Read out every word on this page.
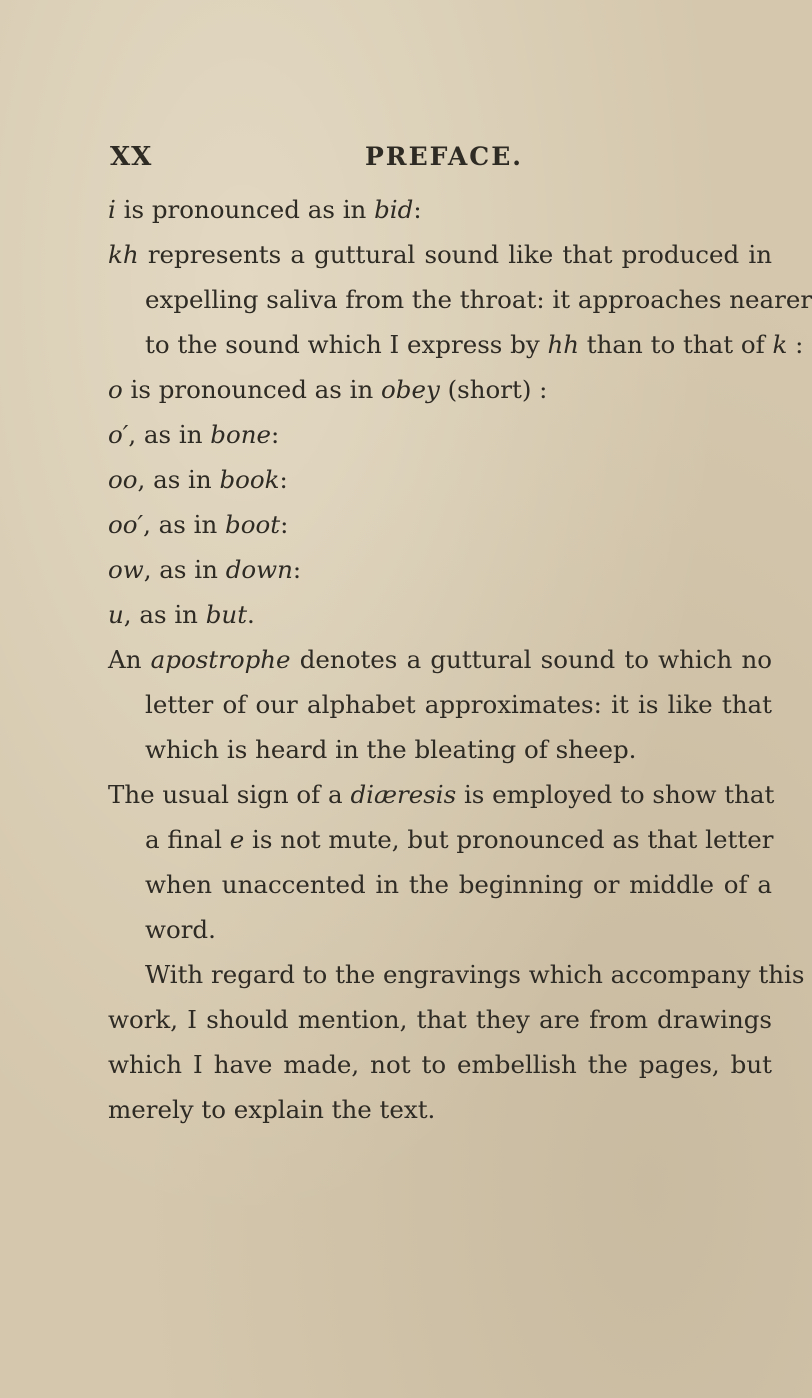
XX	PREFACE.
i is pronounced as in bid:
kh represents a guttural sound like that produced in
expelling saliva from the throat: it approaches nearer
to the sound which I express by hh than to that of k :
o is pronounced as in obey (short) :
o′, as in bone:
oo, as in book:
oo′, as in boot:
ow, as in down:
u, as in but.
An apostrophe denotes a guttural sound to which no
letter of our alphabet approximates: it is like that
which is heard in the bleating of sheep.
The usual sign of a diæresis is employed to show that
a final e is not mute, but pronounced as that letter
when unaccented in the beginning or middle of a
word.
With regard to the engravings which accompany this
work, I should mention, that they are from drawings
which I have made, not to embellish the pages, but
merely to explain the text.
